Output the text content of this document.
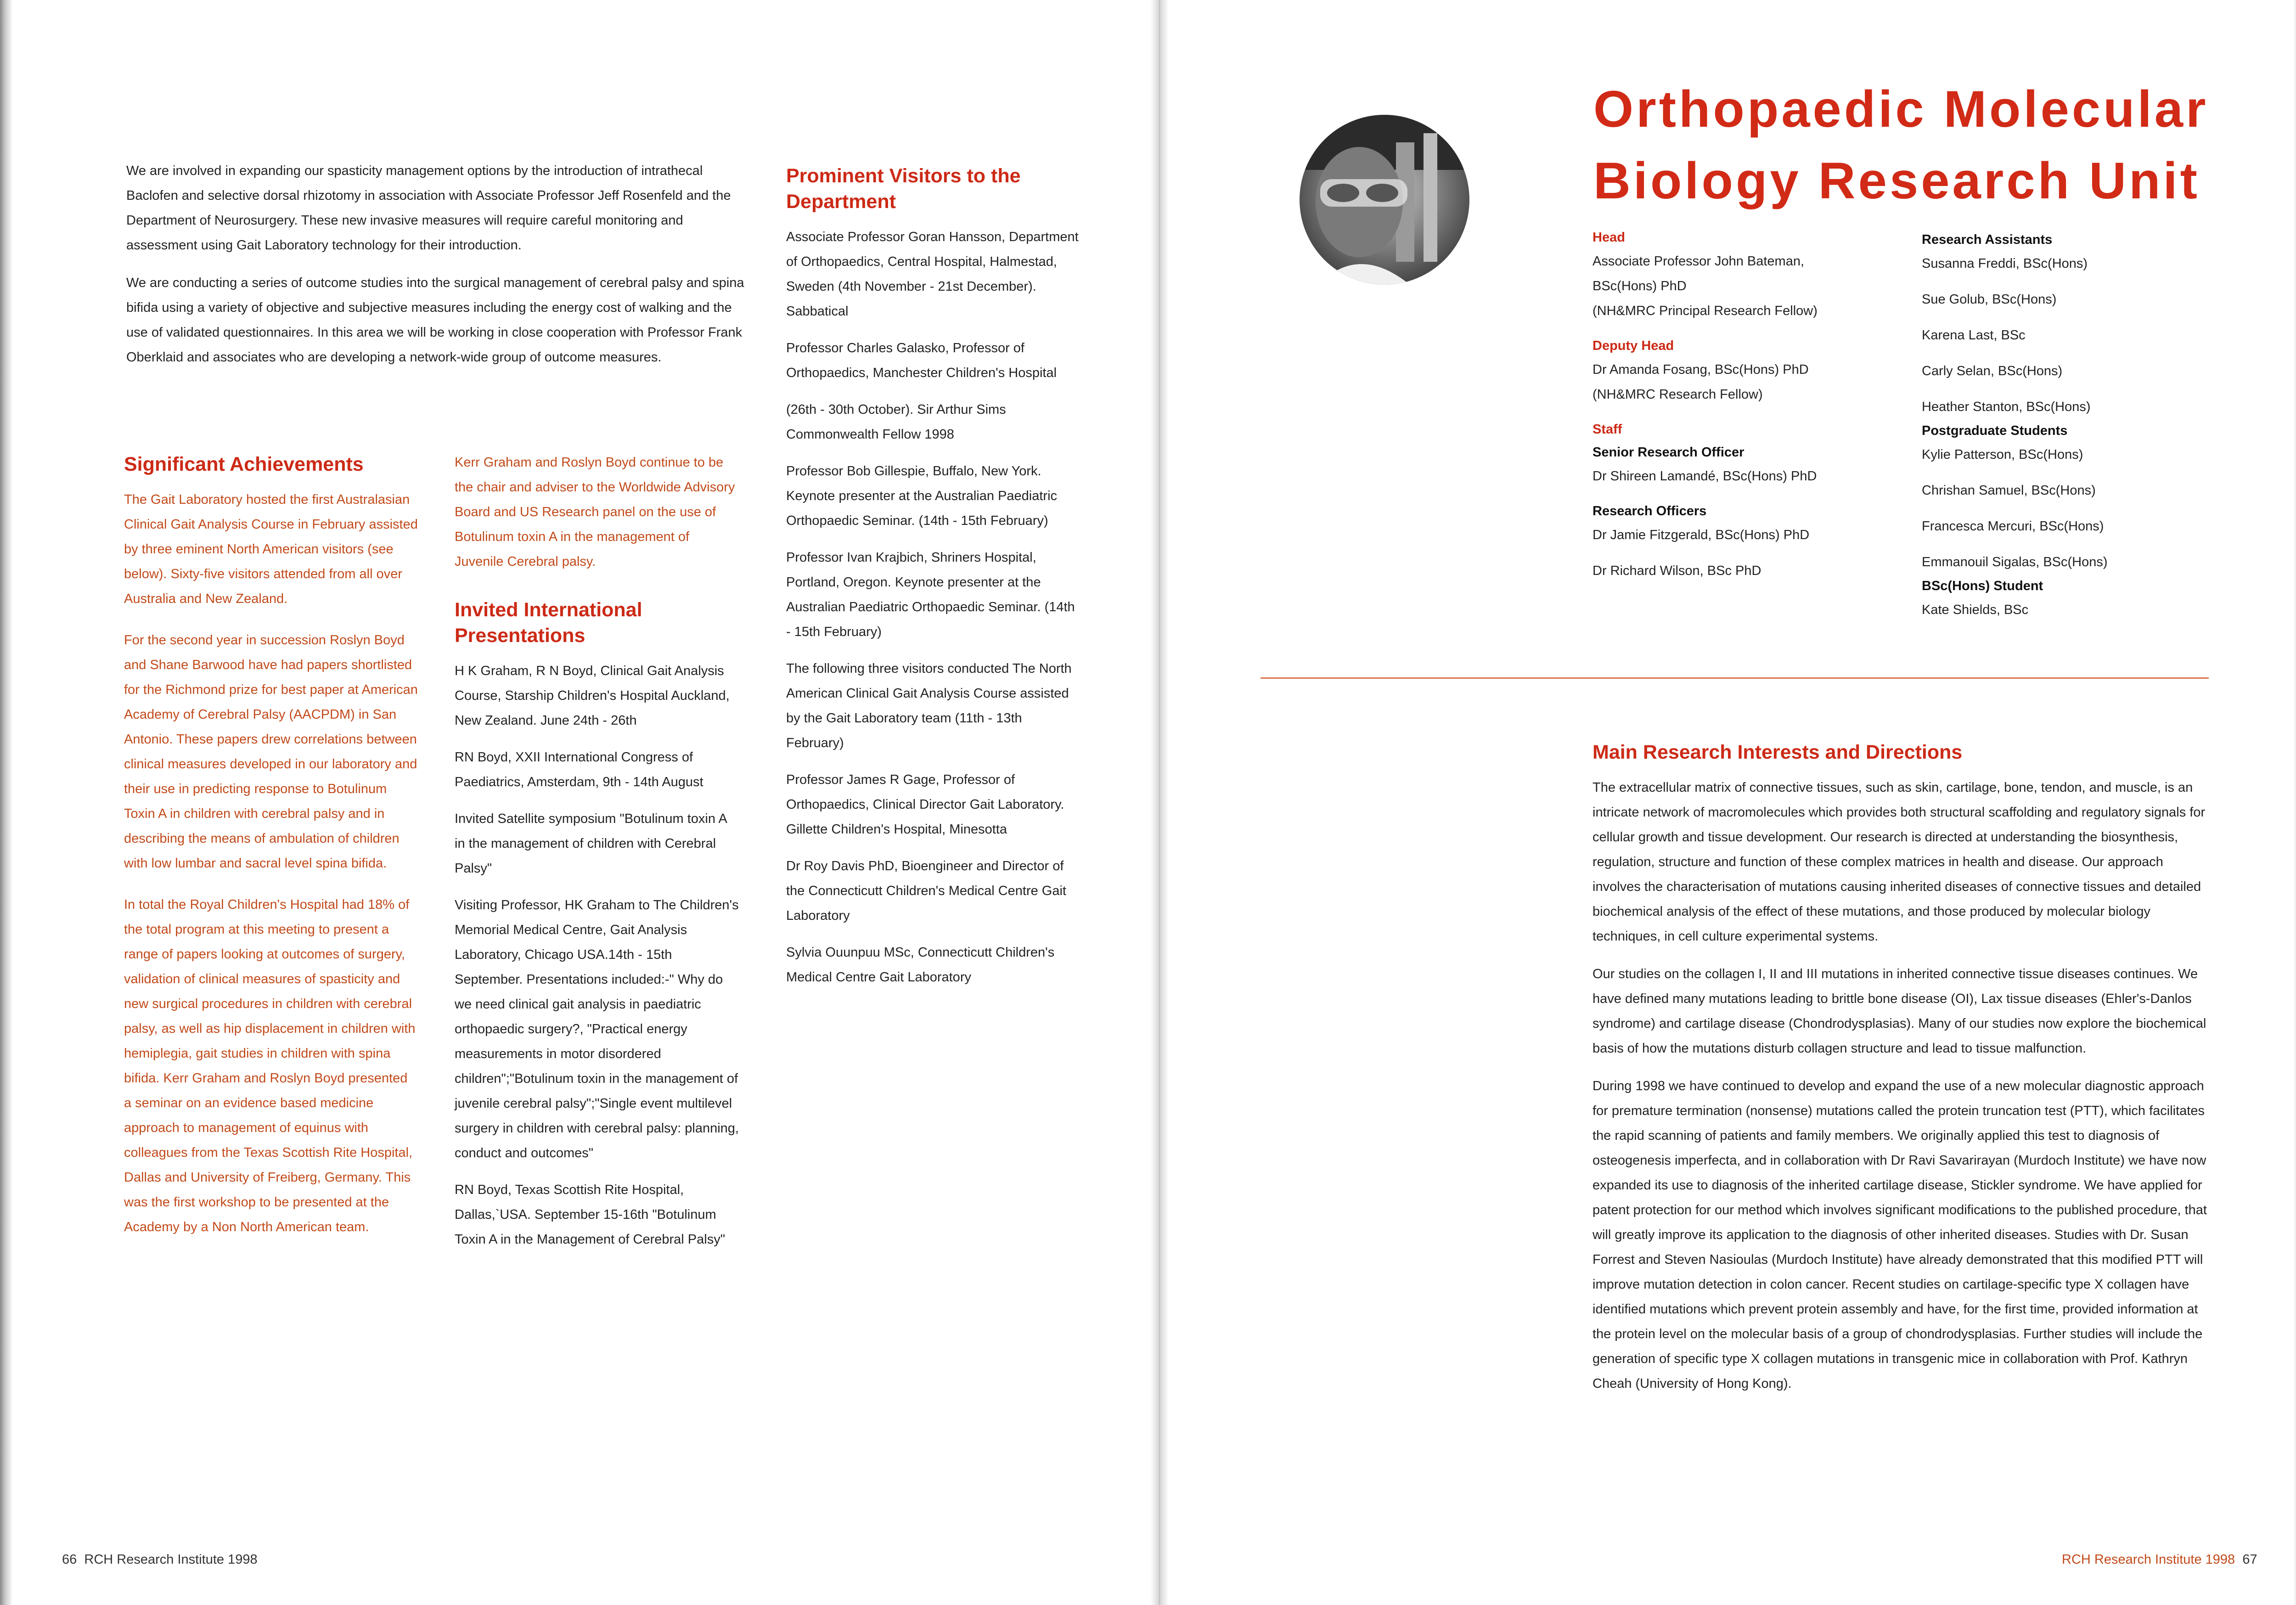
We are involved in expanding our spasticity management options by the introduction of intrathecal Baclofen and selective dorsal rhizotomy in association with Associate Professor Jeff Rosenfeld and the Department of Neurosurgery. These new invasive measures will require careful monitoring and assessment using Gait Laboratory technology for their introduction.

We are conducting a series of outcome studies into the surgical management of cerebral palsy and spina bifida using a variety of objective and subjective measures including the energy cost of walking and the use of validated questionnaires. In this area we will be working in close cooperation with Professor Frank Oberklaid and associates who are developing a network-wide group of outcome measures.

Significant Achievements

The Gait Laboratory hosted the first Australasian Clinical Gait Analysis Course in February assisted by three eminent North American visitors (see below). Sixty-five visitors attended from all over Australia and New Zealand.

For the second year in succession Roslyn Boyd and Shane Barwood have had papers shortlisted for the Richmond prize for best paper at American Academy of Cerebral Palsy (AACPDM) in San Antonio. These papers drew correlations between clinical measures developed in our laboratory and their use in predicting response to Botulinum Toxin A in children with cerebral palsy and in describing the means of ambulation of children with low lumbar and sacral level spina bifida.

In total the Royal Children's Hospital had 18% of the total program at this meeting to present a range of papers looking at outcomes of surgery, validation of clinical measures of spasticity and new surgical procedures in children with cerebral palsy, as well as hip displacement in children with hemiplegia, gait studies in children with spina bifida. Kerr Graham and Roslyn Boyd presented a seminar on an evidence based medicine approach to management of equinus with colleagues from the Texas Scottish Rite Hospital, Dallas and University of Freiberg, Germany. This was the first workshop to be presented at the Academy by a Non North American team.

Kerr Graham and Roslyn Boyd continue to be the chair and adviser to the Worldwide Advisory Board and US Research panel on the use of Botulinum toxin A in the management of Juvenile Cerebral palsy.

Invited International Presentations

H K Graham, R N Boyd, Clinical Gait Analysis Course, Starship Children's Hospital Auckland, New Zealand. June 24th - 26th

RN Boyd, XXII International Congress of Paediatrics, Amsterdam, 9th - 14th August

Invited Satellite symposium "Botulinum toxin A in the management of children with Cerebral Palsy"

Visiting Professor, HK Graham to The Children's Memorial Medical Centre, Gait Analysis Laboratory, Chicago USA.14th - 15th September. Presentations included:-" Why do we need clinical gait analysis in paediatric orthopaedic surgery?, "Practical energy measurements in motor disordered children";"Botulinum toxin in the management of juvenile cerebral palsy";"Single event multilevel surgery in children with cerebral palsy: planning, conduct and outcomes"

RN Boyd, Texas Scottish Rite Hospital, Dallas,`USA. September 15-16th "Botulinum Toxin A in the Management of Cerebral Palsy"

Prominent Visitors to the Department

Associate Professor Goran Hansson, Department of Orthopaedics, Central Hospital, Halmestad, Sweden (4th November - 21st December). Sabbatical

Professor Charles Galasko, Professor of Orthopaedics, Manchester Children's Hospital

(26th - 30th October). Sir Arthur Sims Commonwealth Fellow 1998

Professor Bob Gillespie, Buffalo, New York. Keynote presenter at the Australian Paediatric Orthopaedic Seminar. (14th - 15th February)

Professor Ivan Krajbich, Shriners Hospital, Portland, Oregon. Keynote presenter at the Australian Paediatric Orthopaedic Seminar. (14th - 15th February)

The following three visitors conducted The North American Clinical Gait Analysis Course assisted by the Gait Laboratory team (11th - 13th February)

Professor James R Gage, Professor of Orthopaedics, Clinical Director Gait Laboratory. Gillette Children's Hospital, Minesotta

Dr Roy Davis PhD, Bioengineer and Director of the Connecticutt Children's Medical Centre Gait Laboratory

Sylvia Ouunpuu MSc, Connecticutt Children's Medical Centre Gait Laboratory

66 RCH Research Institute 1998
Orthopaedic Molecular
Biology Research Unit
Head
Associate Professor John Bateman,
BSc(Hons) PhD
(NH&MRC Principal Research Fellow)
Deputy Head
Dr Amanda Fosang, BSc(Hons) PhD
(NH&MRC Research Fellow)
Staff
Senior Research Officer
Dr Shireen Lamandé, BSc(Hons) PhD
Research Officers
Dr Jamie Fitzgerald, BSc(Hons) PhD
Dr Richard Wilson, BSc PhD
Research Assistants
Susanna Freddi, BSc(Hons)
Sue Golub, BSc(Hons)
Karena Last, BSc
Carly Selan, BSc(Hons)
Heather Stanton, BSc(Hons)
Postgraduate Students
Kylie Patterson, BSc(Hons)
Chrishan Samuel, BSc(Hons)
Francesca Mercuri, BSc(Hons)
Emmanouil Sigalas, BSc(Hons)
BSc(Hons) Student
Kate Shields, BSc
Main Research Interests and Directions

The extracellular matrix of connective tissues, such as skin, cartilage, bone, tendon, and muscle, is an intricate network of macromolecules which provides both structural scaffolding and regulatory signals for cellular growth and tissue development. Our research is directed at understanding the biosynthesis, regulation, structure and function of these complex matrices in health and disease. Our approach involves the characterisation of mutations causing inherited diseases of connective tissues and detailed biochemical analysis of the effect of these mutations, and those produced by molecular biology techniques, in cell culture experimental systems.

Our studies on the collagen I, II and III mutations in inherited connective tissue diseases continues. We have defined many mutations leading to brittle bone disease (OI), Lax tissue diseases (Ehler's-Danlos syndrome) and cartilage disease (Chondrodysplasias). Many of our studies now explore the biochemical basis of how the mutations disturb collagen structure and lead to tissue malfunction.

During 1998 we have continued to develop and expand the use of a new molecular diagnostic approach for premature termination (nonsense) mutations called the protein truncation test (PTT), which facilitates the rapid scanning of patients and family members. We originally applied this test to diagnosis of osteogenesis imperfecta, and in collaboration with Dr Ravi Savarirayan (Murdoch Institute) we have now expanded its use to diagnosis of the inherited cartilage disease, Stickler syndrome. We have applied for patent protection for our method which involves significant modifications to the published procedure, that will greatly improve its application to the diagnosis of other inherited diseases. Studies with Dr. Susan Forrest and Steven Nasioulas (Murdoch Institute) have already demonstrated that this modified PTT will improve mutation detection in colon cancer. Recent studies on cartilage-specific type X collagen have identified mutations which prevent protein assembly and have, for the first time, provided information at the protein level on the molecular basis of a group of chondrodysplasias. Further studies will include the generation of specific type X collagen mutations in transgenic mice in collaboration with Prof. Kathryn Cheah (University of Hong Kong).

RCH Research Institute 1998 67
